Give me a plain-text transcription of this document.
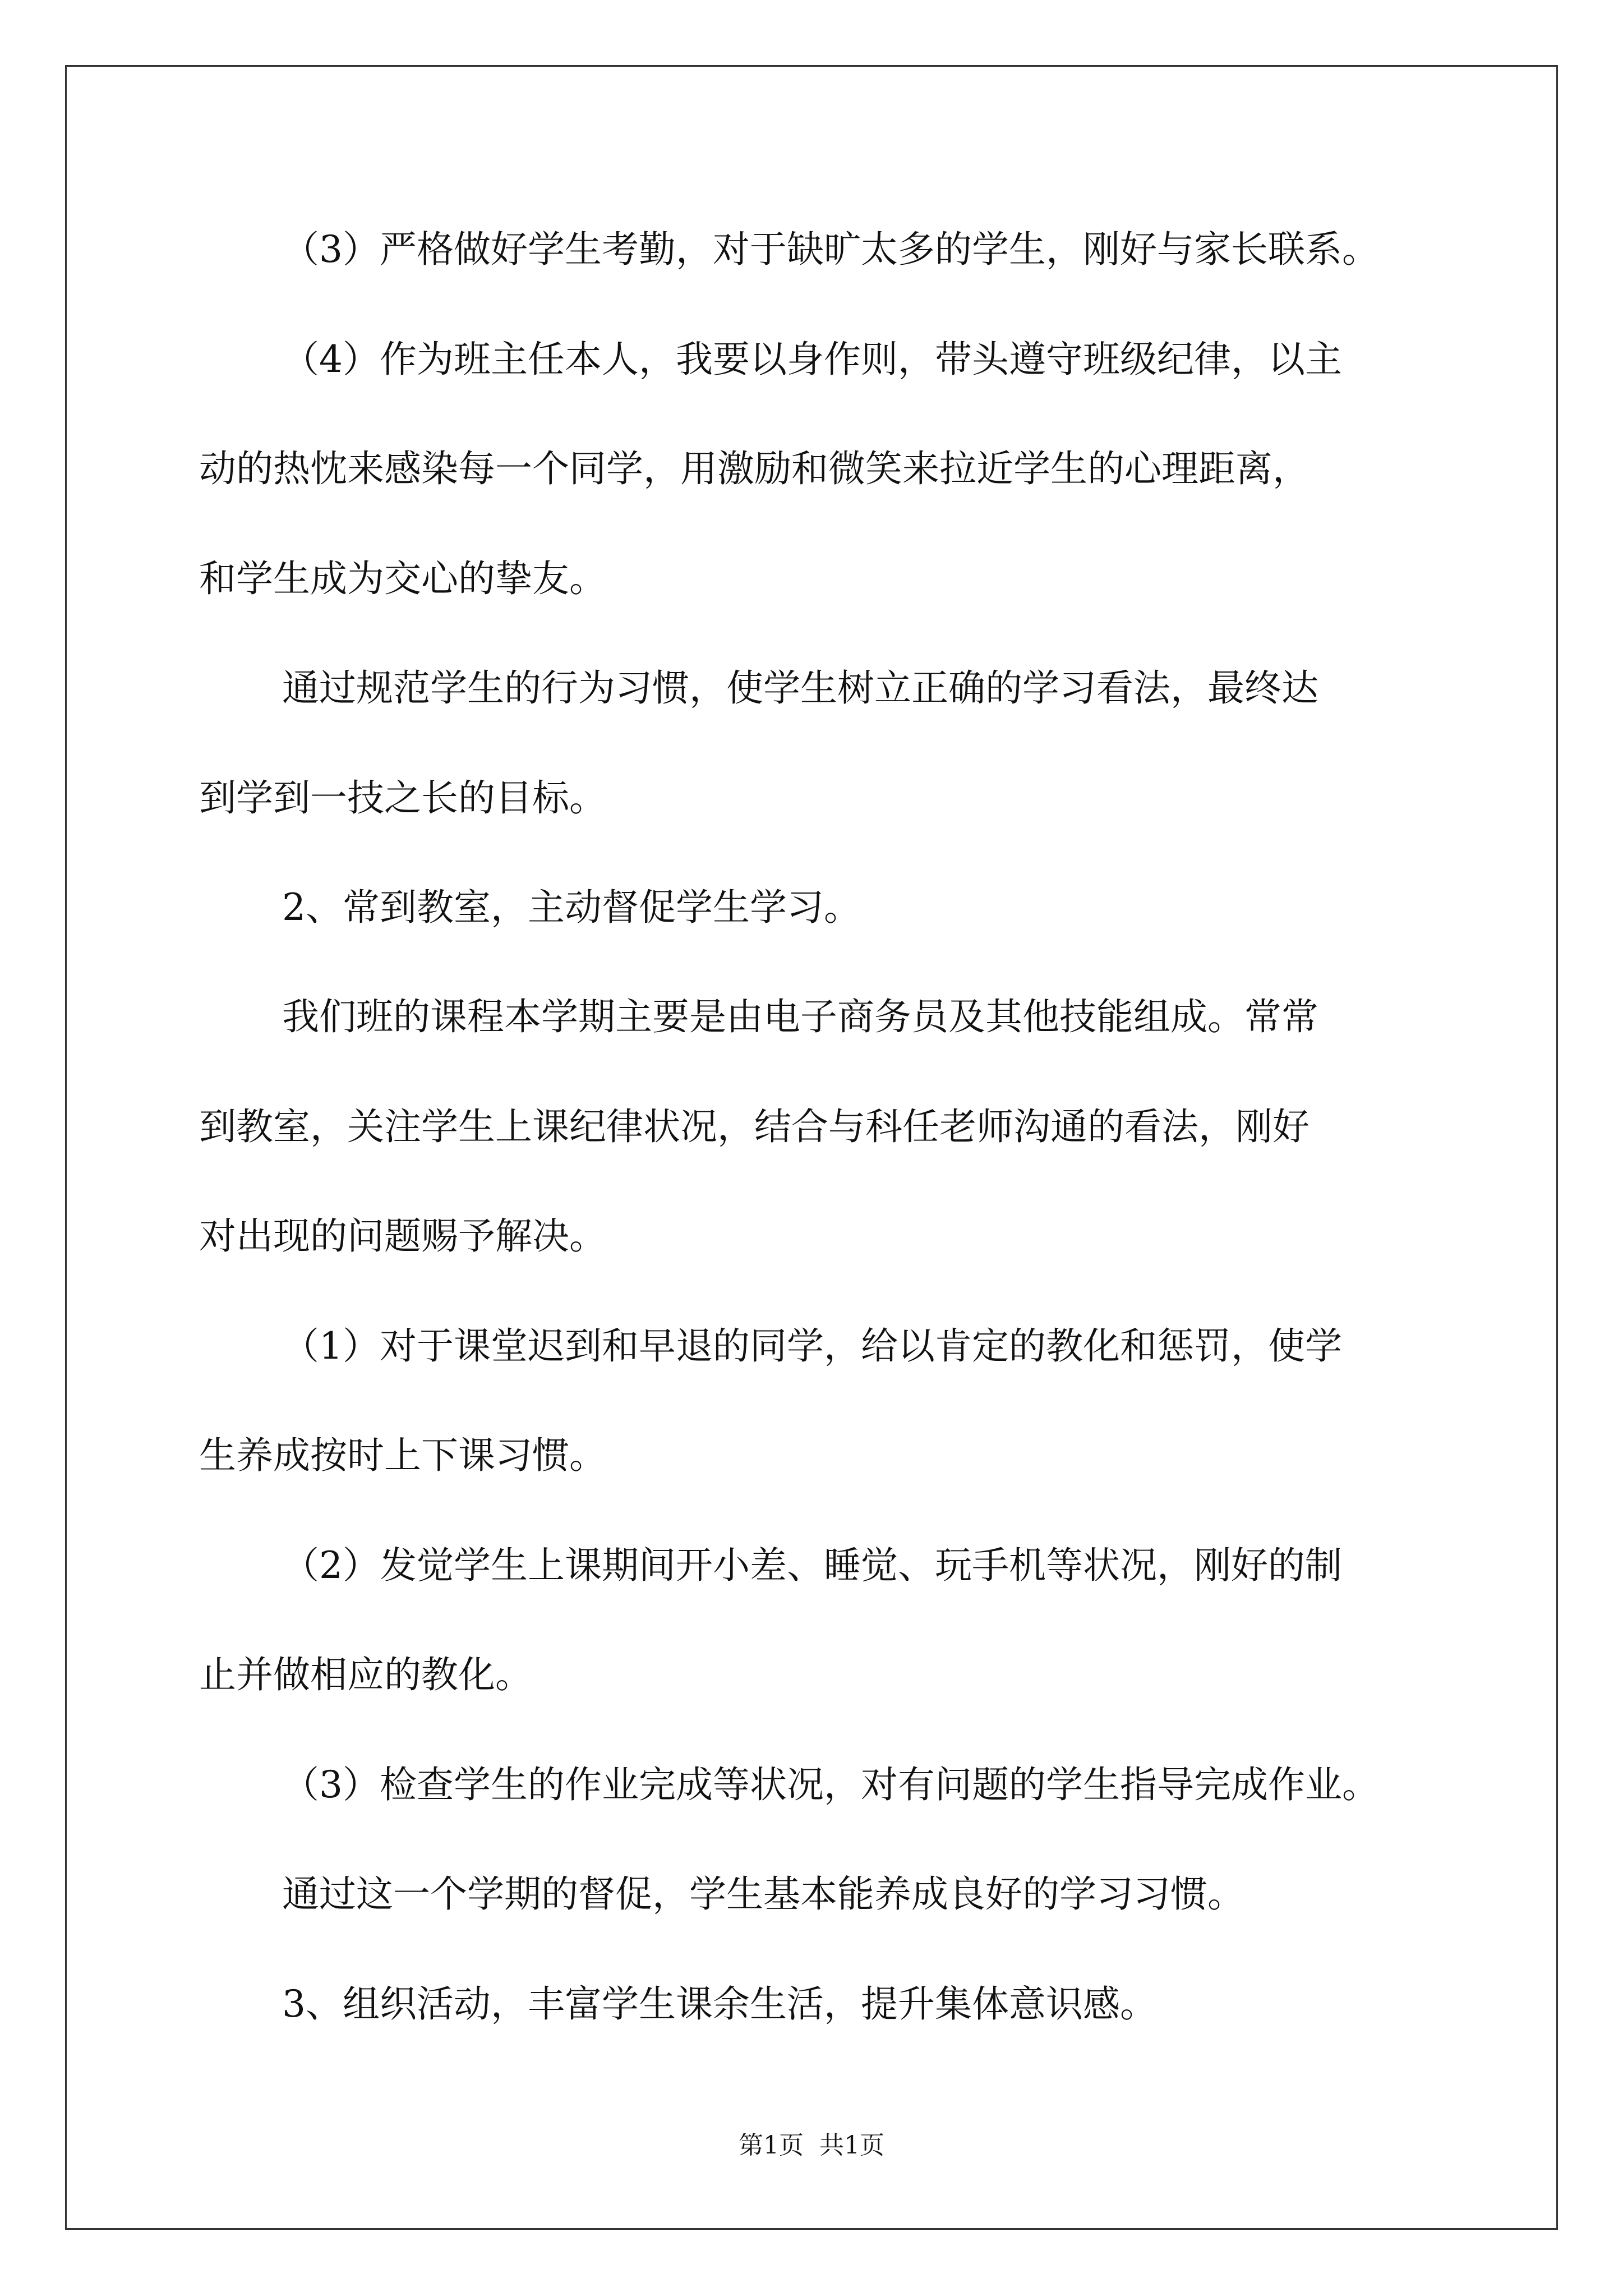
（3）严格做好学生考勤，对于缺旷太多的学生，刚好与家长联系。
（4）作为班主任本人，我要以身作则，带头遵守班级纪律，以主
动的热忱来感染每一个同学，用激励和微笑来拉近学生的心理距离，
和学生成为交心的挚友。
通过规范学生的行为习惯，使学生树立正确的学习看法，最终达
到学到一技之长的目标。
2、常到教室，主动督促学生学习。
我们班的课程本学期主要是由电子商务员及其他技能组成。常常
到教室，关注学生上课纪律状况，结合与科任老师沟通的看法，刚好
对出现的问题赐予解决。
（1）对于课堂迟到和早退的同学，给以肯定的教化和惩罚，使学
生养成按时上下课习惯。
（2）发觉学生上课期间开小差、睡觉、玩手机等状况，刚好的制
止并做相应的教化。
（3）检查学生的作业完成等状况，对有问题的学生指导完成作业。
通过这一个学期的督促，学生基本能养成良好的学习习惯。
3、组织活动，丰富学生课余生活，提升集体意识感。
第1页 共1页
